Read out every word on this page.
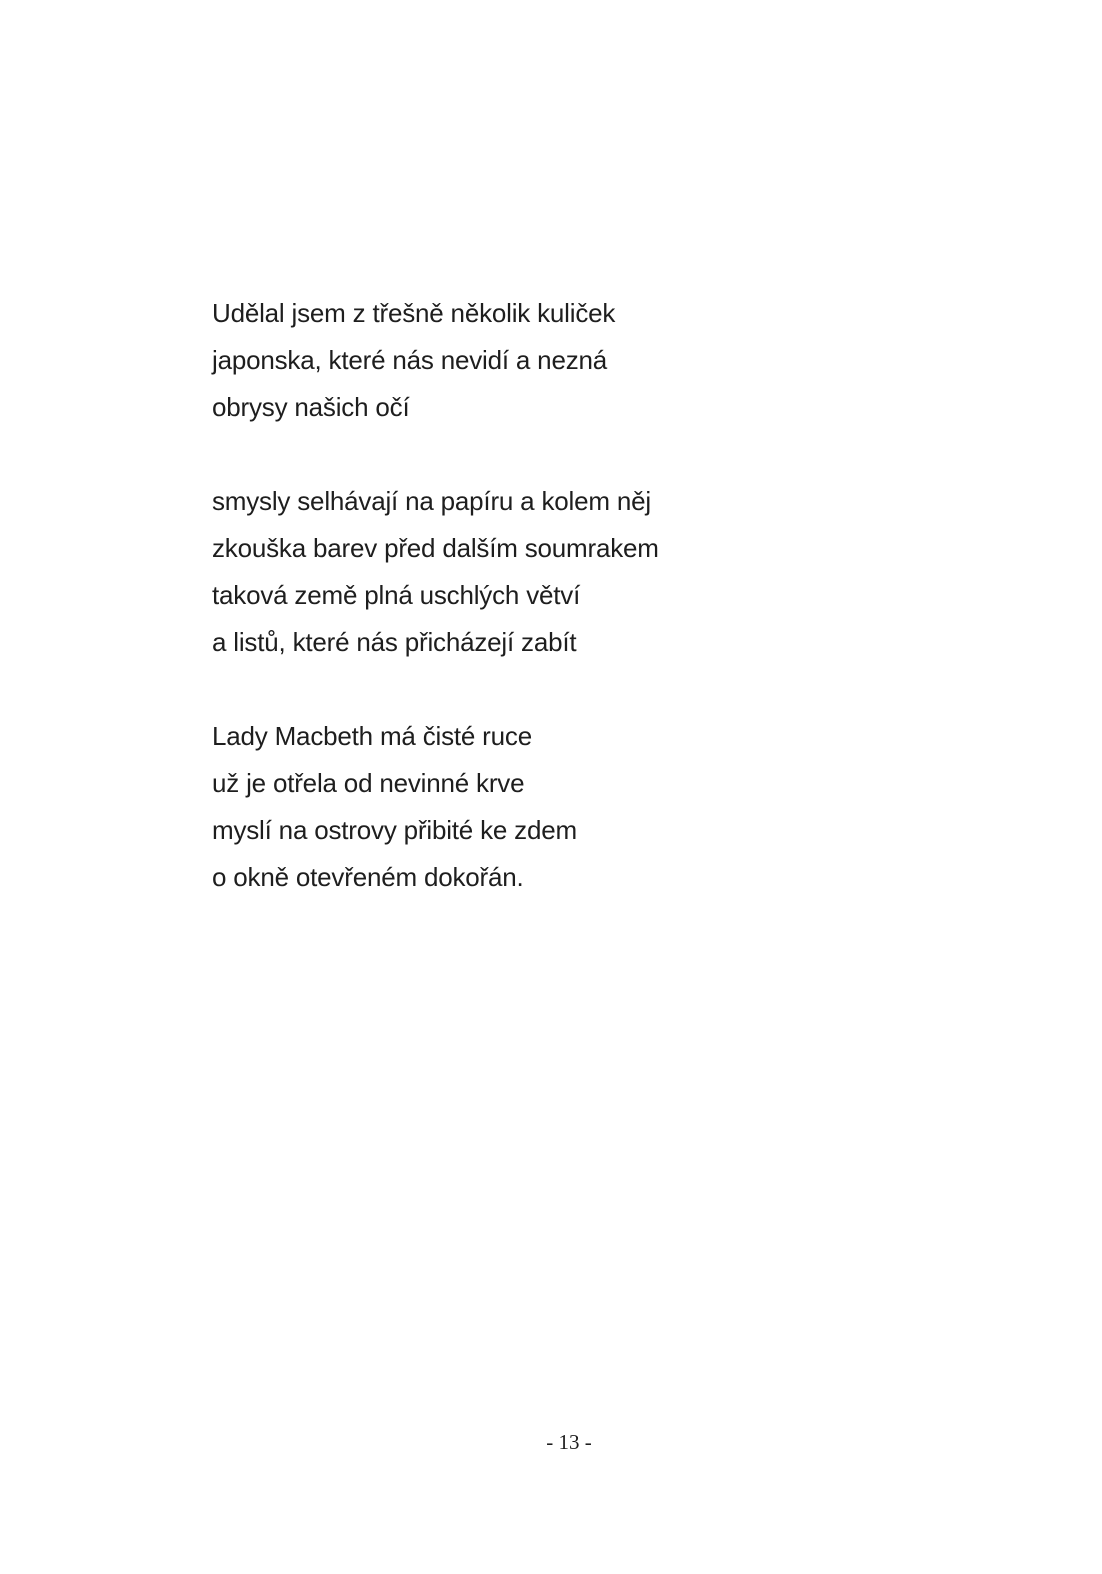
Udělal jsem z třešně několik kuliček
japonska, které nás nevidí a nezná
obrysy našich očí
smysly selhávají na papíru a kolem něj
zkouška barev před dalším soumrakem
taková země plná uschlých větví
a listů, které nás přicházejí zabít
Lady Macbeth má čisté ruce
už je otřela od nevinné krve
myslí na ostrovy přibité ke zdem
o okně otevřeném dokořán.
- 13 -
